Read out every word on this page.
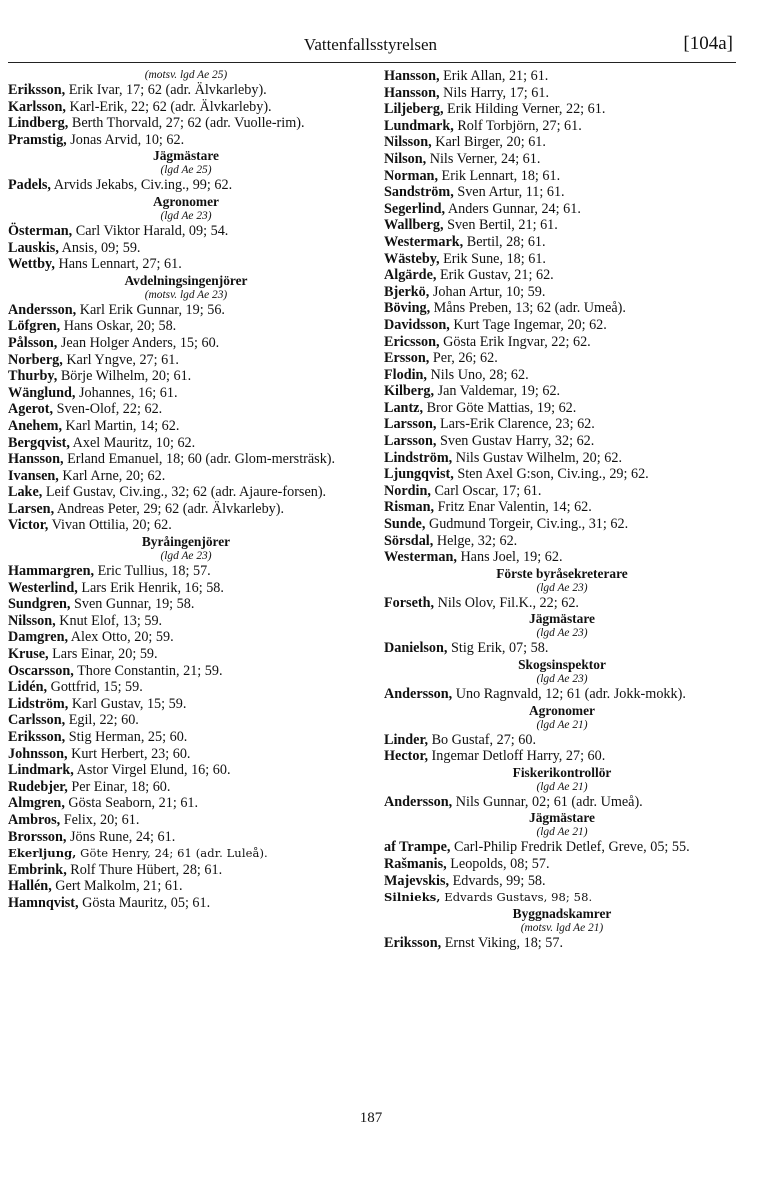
Vattenfallsstyrelsen	[104a]
(motsv. lgd Ae 25)

Eriksson, Erik Ivar, 17; 62 (adr. Älvkarleby).

Karlsson, Karl-Erik, 22; 62 (adr. Älvkarleby).

Lindberg, Berth Thorvald, 27; 62 (adr. Vuolle-rim).

Pramstig, Jonas Arvid, 10; 62.

Jägmästare
(lgd Ae 25)

Padels, Arvids Jekabs, Civ.ing., 99; 62.

Agronomer
(lgd Ae 23)

Österman, Carl Viktor Harald, 09; 54.

Lauskis, Ansis, 09; 59.

Wettby, Hans Lennart, 27; 61.

Avdelningsingenjörer
(motsv. lgd Ae 23)

Andersson, Karl Erik Gunnar, 19; 56.

Löfgren, Hans Oskar, 20; 58.

Pålsson, Jean Holger Anders, 15; 60.

Norberg, Karl Yngve, 27; 61.

Thurby, Börje Wilhelm, 20; 61.

Wänglund, Johannes, 16; 61.

Agerot, Sven-Olof, 22; 62.

Anehem, Karl Martin, 14; 62.

Bergqvist, Axel Mauritz, 10; 62.

Hansson, Erland Emanuel, 18; 60 (adr. Glom-mersträsk).

Ivansen, Karl Arne, 20; 62.

Lake, Leif Gustav, Civ.ing., 32; 62 (adr. Ajaure-forsen).

Larsen, Andreas Peter, 29; 62 (adr. Älvkarleby).

Victor, Vivan Ottilia, 20; 62.

Byråingenjörer
(lgd Ae 23)

Hammargren, Eric Tullius, 18; 57.

Westerlind, Lars Erik Henrik, 16; 58.

Sundgren, Sven Gunnar, 19; 58.

Nilsson, Knut Elof, 13; 59.

Damgren, Alex Otto, 20; 59.

Kruse, Lars Einar, 20; 59.

Oscarsson, Thore Constantin, 21; 59.

Lidén, Gottfrid, 15; 59.

Lidström, Karl Gustav, 15; 59.

Carlsson, Egil, 22; 60.

Eriksson, Stig Herman, 25; 60.

Johnsson, Kurt Herbert, 23; 60.

Lindmark, Astor Virgel Elund, 16; 60.

Rudebjer, Per Einar, 18; 60.

Almgren, Gösta Seaborn, 21; 61.

Ambros, Felix, 20; 61.

Brorsson, Jöns Rune, 24; 61.

Ekerljung, Göte Henry, 24; 61 (adr. Luleå).

Embrink, Rolf Thure Hübert, 28; 61.

Hallén, Gert Malkolm, 21; 61.

Hamnqvist, Gösta Mauritz, 05; 61.

Hansson, Erik Allan, 21; 61.

Hansson, Nils Harry, 17; 61.

Liljeberg, Erik Hilding Verner, 22; 61.

Lundmark, Rolf Torbjörn, 27; 61.

Nilsson, Karl Birger, 20; 61.

Nilson, Nils Verner, 24; 61.

Norman, Erik Lennart, 18; 61.

Sandström, Sven Artur, 11; 61.

Segerlind, Anders Gunnar, 24; 61.

Wallberg, Sven Bertil, 21; 61.

Westermark, Bertil, 28; 61.

Wästeby, Erik Sune, 18; 61.

Algärde, Erik Gustav, 21; 62.

Bjerkö, Johan Artur, 10; 59.

Böving, Måns Preben, 13; 62 (adr. Umeå).

Davidsson, Kurt Tage Ingemar, 20; 62.

Ericsson, Gösta Erik Ingvar, 22; 62.

Ersson, Per, 26; 62.

Flodin, Nils Uno, 28; 62.

Kilberg, Jan Valdemar, 19; 62.

Lantz, Bror Göte Mattias, 19; 62.

Larsson, Lars-Erik Clarence, 23; 62.

Larsson, Sven Gustav Harry, 32; 62.

Lindström, Nils Gustav Wilhelm, 20; 62.

Ljungqvist, Sten Axel G:son, Civ.ing., 29; 62.

Nordin, Carl Oscar, 17; 61.

Risman, Fritz Enar Valentin, 14; 62.

Sunde, Gudmund Torgeir, Civ.ing., 31; 62.

Sörsdal, Helge, 32; 62.

Westerman, Hans Joel, 19; 62.

Förste byråsekreterare
(lgd Ae 23)

Forseth, Nils Olov, Fil.K., 22; 62.

Jägmästare
(lgd Ae 23)

Danielson, Stig Erik, 07; 58.

Skogsinspektor
(lgd Ae 23)

Andersson, Uno Ragnvald, 12; 61 (adr. Jokk-mokk).

Agronomer
(lgd Ae 21)

Linder, Bo Gustaf, 27; 60.

Hector, Ingemar Detloff Harry, 27; 60.

Fiskerikontrollör
(lgd Ae 21)

Andersson, Nils Gunnar, 02; 61 (adr. Umeå).

Jägmästare
(lgd Ae 21)

af Trampe, Carl-Philip Fredrik Detlef, Greve, 05; 55.

Rašmanis, Leopolds, 08; 57.

Majevskis, Edvards, 99; 58.

Silnieks, Edvards Gustavs, 98; 58.

Byggnadskamrer
(motsv. lgd Ae 21)

Eriksson, Ernst Viking, 18; 57.

187
